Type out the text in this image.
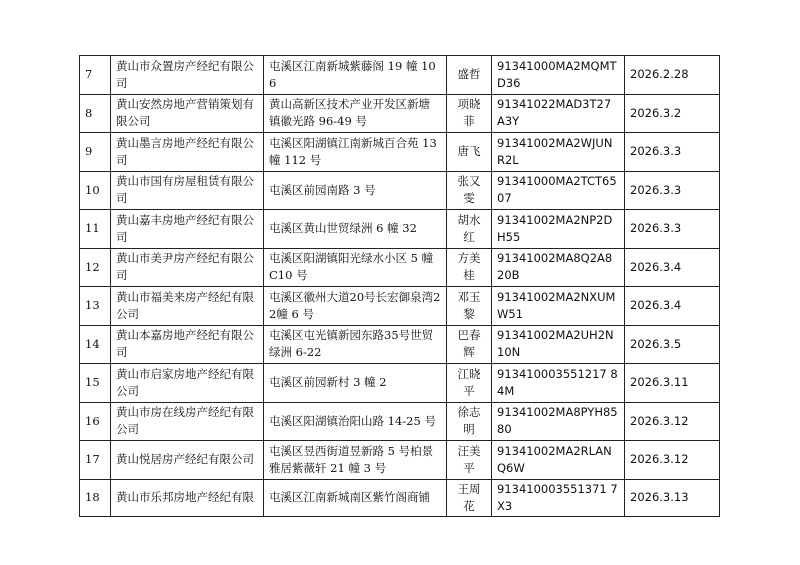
7	黄山市众置房产经纪有限公司	屯溪区江南新城紫藤阁 19 幢 106	盛哲	91341000MA2MQMTD36	2026.2.28
8	黄山安然房地产营销策划有限公司	黄山高新区技术产业开发区新塘镇徽光路 96-49 号	项晓菲	91341022MAD3T27A3Y	2026.3.2
9	黄山墨言房地产经纪有限公司	屯溪区阳湖镇江南新城百合苑 13 幢 112 号	唐飞	91341002MA2WJUNR2L	2026.3.3
10	黄山市国有房屋租赁有限公司	屯溪区前园南路 3 号	张又雯	91341000MA2TCT6507	2026.3.3
11	黄山嘉丰房地产经纪有限公司	屯溪区黄山世贸绿洲 6 幢 32	胡水红	91341002MA2NP2DH55	2026.3.3
12	黄山市美尹房产经纪有限公司	屯溪区阳湖镇阳光绿水小区 5 幢 C10 号	方美桂	91341002MA8Q2A820B	2026.3.4
13	黄山市福美来房产经纪有限公司	屯溪区徽州大道20号长宏御泉湾22幢 6 号	邓玉黎	91341002MA2NXUMW51	2026.3.4
14	黄山本嘉房地产经纪有限公司	屯溪区屯光镇新园东路35号世贸绿洲 6-22	巴春辉	91341002MA2UH2N10N	2026.3.5
15	黄山市启家房地产经纪有限公司	屯溪区前园新村 3 幢 2	江晓平	913410003551217 84M	2026.3.11
16	黄山市房在线房产经纪有限公司	屯溪区阳湖镇治阳山路 14-25 号	徐志明	91341002MA8PYH8580	2026.3.12
17	黄山悦居房产经纪有限公司	屯溪区昱西街道昱新路 5 号柏景雅居紫薇轩 21 幢 3 号	汪美平	91341002MA2RLANQ6W	2026.3.12
18	黄山市乐邦房地产经纪有限	屯溪区江南新城南区紫竹阁商铺	王周花	913410003551371 7X3	2026.3.13
